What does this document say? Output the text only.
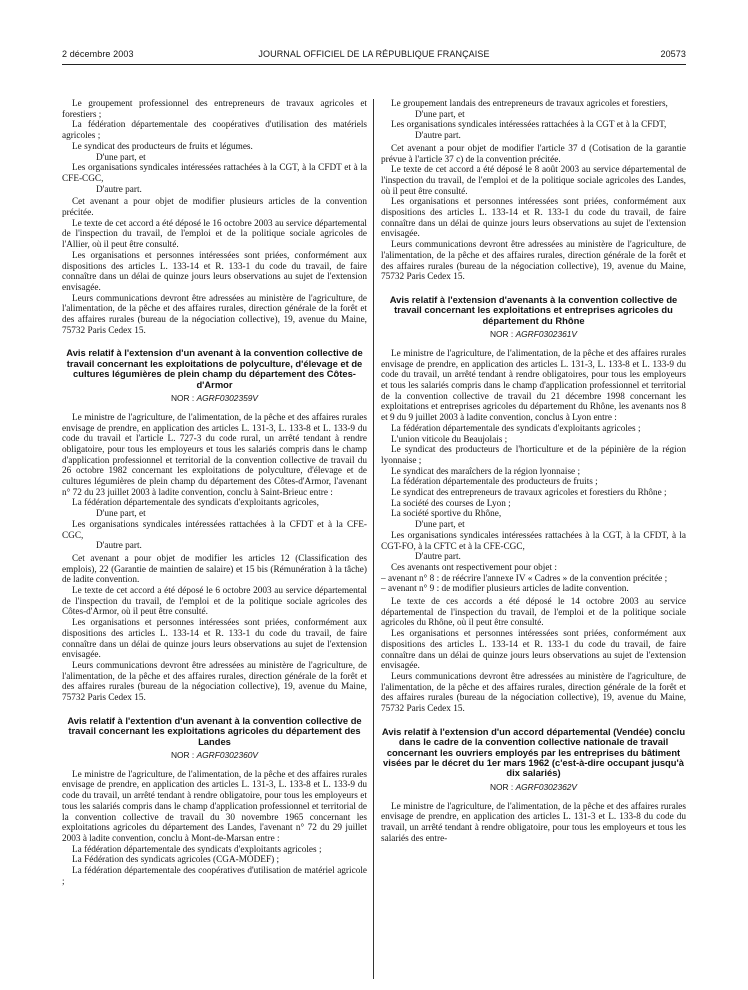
2 décembre 2003	JOURNAL OFFICIEL DE LA RÉPUBLIQUE FRANÇAISE	20573

Le groupement professionnel des entrepreneurs de travaux agricoles et forestiers ;

La fédération départementale des coopératives d'utilisation des matériels agricoles ;

Le syndicat des producteurs de fruits et légumes.

D'une part, et

Les organisations syndicales intéressées rattachées à la CGT, à la CFDT et à la CFE-CGC,

D'autre part.

Cet avenant a pour objet de modifier plusieurs articles de la convention précitée.

Le texte de cet accord a été déposé le 16 octobre 2003 au service départemental de l'inspection du travail, de l'emploi et de la politique sociale agricoles de l'Allier, où il peut être consulté.

Les organisations et personnes intéressées sont priées, conformément aux dispositions des articles L. 133-14 et R. 133-1 du code du travail, de faire connaître dans un délai de quinze jours leurs observations au sujet de l'extension envisagée.

Leurs communications devront être adressées au ministère de l'agriculture, de l'alimentation, de la pêche et des affaires rurales, direction générale de la forêt et des affaires rurales (bureau de la négociation collective), 19, avenue du Maine, 75732 Paris Cedex 15.

Avis relatif à l'extension d'un avenant à la convention collective de travail concernant les exploitations de polyculture, d'élevage et de cultures légumières de plein champ du département des Côtes-d'Armor
NOR : AGRF0302359V

Le ministre de l'agriculture, de l'alimentation, de la pêche et des affaires rurales envisage de prendre, en application des articles L. 131-3, L. 133-8 et L. 133-9 du code du travail et l'article L. 727-3 du code rural, un arrêté tendant à rendre obligatoire, pour tous les employeurs et tous les salariés compris dans le champ d'application professionnel et territorial de la convention collective de travail du 26 octobre 1982 concernant les exploitations de polyculture, d'élevage et de cultures légumières de plein champ du département des Côtes-d'Armor, l'avenant n° 72 du 23 juillet 2003 à ladite convention, conclu à Saint-Brieuc entre :

La fédération départementale des syndicats d'exploitants agricoles,

D'une part, et

Les organisations syndicales intéressées rattachées à la CFDT et à la CFE-CGC,

D'autre part.

Cet avenant a pour objet de modifier les articles 12 (Classification des emplois), 22 (Garantie de maintien de salaire) et 15 bis (Rémunération à la tâche) de ladite convention.

Le texte de cet accord a été déposé le 6 octobre 2003 au service départemental de l'inspection du travail, de l'emploi et de la politique sociale agricoles des Côtes-d'Armor, où il peut être consulté.

Les organisations et personnes intéressées sont priées, conformément aux dispositions des articles L. 133-14 et R. 133-1 du code du travail, de faire connaître dans un délai de quinze jours leurs observations au sujet de l'extension envisagée.

Leurs communications devront être adressées au ministère de l'agriculture, de l'alimentation, de la pêche et des affaires rurales, direction générale de la forêt et des affaires rurales (bureau de la négociation collective), 19, avenue du Maine, 75732 Paris Cedex 15.

Avis relatif à l'extention d'un avenant à la convention collective de travail concernant les exploitations agricoles du département des Landes
NOR : AGRF0302360V

Le ministre de l'agriculture, de l'alimentation, de la pêche et des affaires rurales envisage de prendre, en application des articles L. 131-3, L. 133-8 et L. 133-9 du code du travail, un arrêté tendant à rendre obligatoire, pour tous les employeurs et tous les salariés compris dans le champ d'application professionnel et territorial de la convention collective de travail du 30 novembre 1965 concernant les exploitations agricoles du département des Landes, l'avenant n° 72 du 29 juillet 2003 à ladite convention, conclu à Mont-de-Marsan entre :

La fédération départementale des syndicats d'exploitants agricoles ;

La Fédération des syndicats agricoles (CGA-MODEF) ;

La fédération départementale des coopératives d'utilisation de matériel agricole ;

Le groupement landais des entrepreneurs de travaux agricoles et forestiers,

D'une part, et

Les organisations syndicales intéressées rattachées à la CGT et à la CFDT,

D'autre part.

Cet avenant a pour objet de modifier l'article 37 d (Cotisation de la garantie prévue à l'article 37 c) de la convention précitée.

Le texte de cet accord a été déposé le 8 août 2003 au service départemental de l'inspection du travail, de l'emploi et de la politique sociale agricoles des Landes, où il peut être consulté.

Les organisations et personnes intéressées sont priées, conformément aux dispositions des articles L. 133-14 et R. 133-1 du code du travail, de faire connaître dans un délai de quinze jours leurs observations au sujet de l'extension envisagée.

Leurs communications devront être adressées au ministère de l'agriculture, de l'alimentation, de la pêche et des affaires rurales, direction générale de la forêt et des affaires rurales (bureau de la négociation collective), 19, avenue du Maine, 75732 Paris Cedex 15.

Avis relatif à l'extension d'avenants à la convention collective de travail concernant les exploitations et entreprises agricoles du département du Rhône
NOR : AGRF0302361V

Le ministre de l'agriculture, de l'alimentation, de la pêche et des affaires rurales envisage de prendre, en application des articles L. 131-3, L. 133-8 et L. 133-9 du code du travail, un arrêté tendant à rendre obligatoires, pour tous les employeurs et tous les salariés compris dans le champ d'application professionnel et territorial de la convention collective de travail du 21 décembre 1998 concernant les exploitations et entreprises agricoles du département du Rhône, les avenants nos 8 et 9 du 9 juillet 2003 à ladite convention, conclus à Lyon entre :

La fédération départementale des syndicats d'exploitants agricoles ;

L'union viticole du Beaujolais ;

Le syndicat des producteurs de l'horticulture et de la pépinière de la région lyonnaise ;

Le syndicat des maraîchers de la région lyonnaise ;

La fédération départementale des producteurs de fruits ;

Le syndicat des entrepreneurs de travaux agricoles et forestiers du Rhône ;

La société des courses de Lyon ;

La société sportive du Rhône,

D'une part, et

Les organisations syndicales intéressées rattachées à la CGT, à la CFDT, à la CGT-FO, à la CFTC et à la CFE-CGC,

D'autre part.

Ces avenants ont respectivement pour objet :

– avenant n° 8 : de réécrire l'annexe IV « Cadres » de la convention précitée ;
– avenant n° 9 : de modifier plusieurs articles de ladite convention.

Le texte de ces accords a été déposé le 14 octobre 2003 au service départemental de l'inspection du travail, de l'emploi et de la politique sociale agricoles du Rhône, où il peut être consulté.

Les organisations et personnes intéressées sont priées, conformément aux dispositions des articles L. 133-14 et R. 133-1 du code du travail, de faire connaître dans un délai de quinze jours leurs observations au sujet de l'extension envisagée.

Leurs communications devront être adressées au ministère de l'agriculture, de l'alimentation, de la pêche et des affaires rurales, direction générale de la forêt et des affaires rurales (bureau de la négociation collective), 19, avenue du Maine, 75732 Paris Cedex 15.

Avis relatif à l'extension d'un accord départemental (Vendée) conclu dans le cadre de la convention collective nationale de travail concernant les ouvriers employés par les entreprises du bâtiment visées par le décret du 1er mars 1962 (c'est-à-dire occupant jusqu'à dix salariés)
NOR : AGRF0302362V

Le ministre de l'agriculture, de l'alimentation, de la pêche et des affaires rurales envisage de prendre, en application des articles L. 131-3 et L. 133-8 du code du travail, un arrêté tendant à rendre obligatoire, pour tous les employeurs et tous les salariés des entre-
